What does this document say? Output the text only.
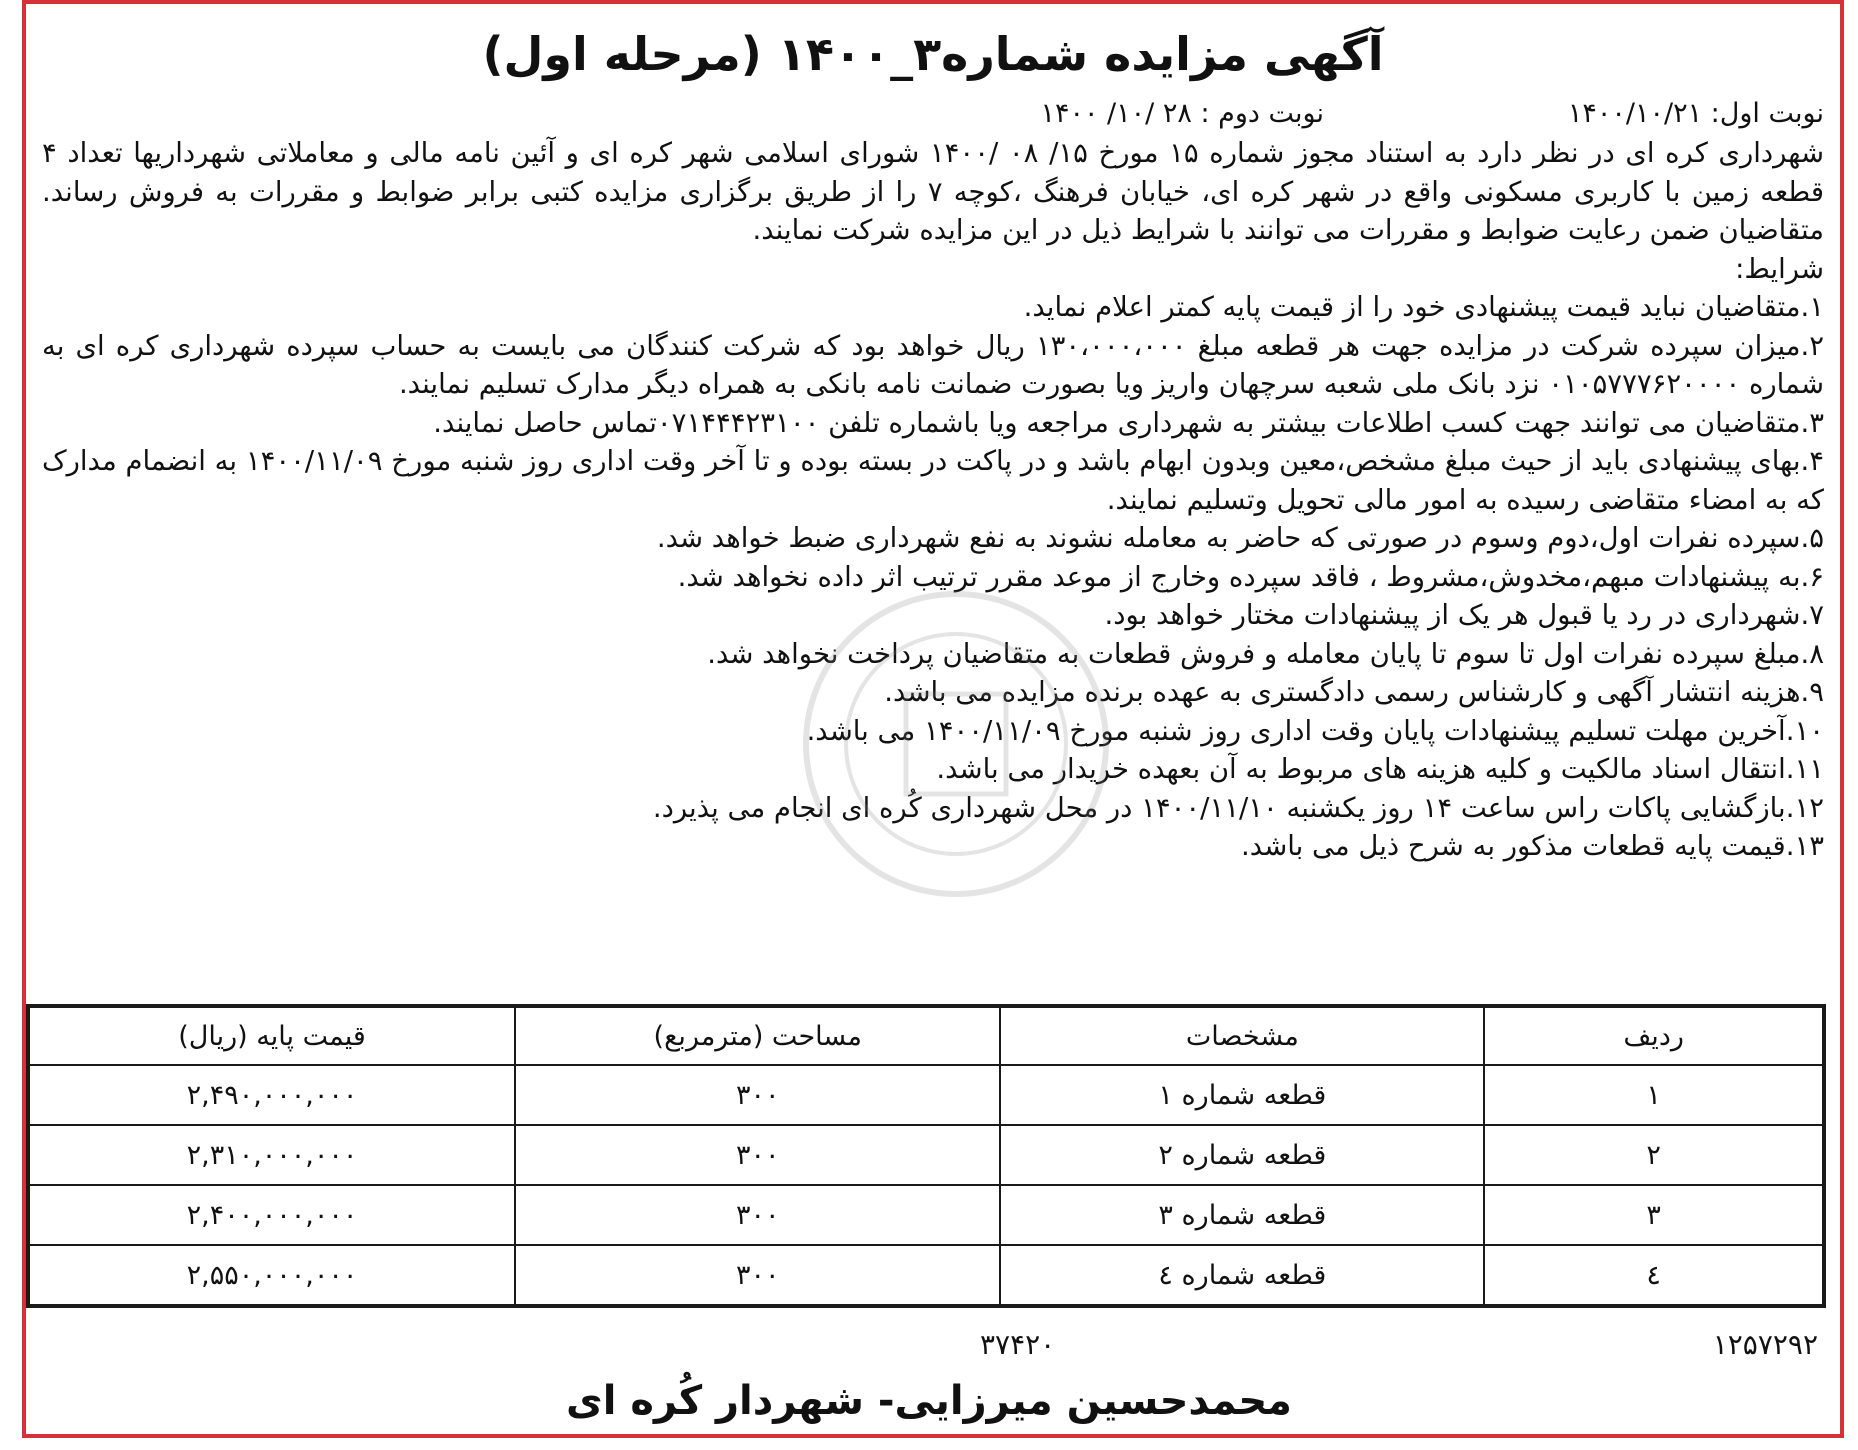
آگهی مزایده شماره۳_۱۴۰۰ (مرحله اول)
نوبت اول: ۱۴۰۰/۱۰/۲۱
نوبت دوم : ۲۸ /۱۰/ ۱۴۰۰

شهرداری کره ای در نظر دارد به استناد مجوز شماره ۱۵ مورخ ۱۵/ ۰۸ /۱۴۰۰ شورای اسلامی شهر کره ای و آئین نامه مالی و معاملاتی شهرداریها تعداد ۴ قطعه زمین با کاربری مسکونی واقع در شهر کره ای، خیابان فرهنگ ،کوچه ۷ را از طریق برگزاری مزایده کتبی برابر ضوابط و مقررات به فروش رساند. متقاضیان ضمن رعایت ضوابط و مقررات می توانند با شرایط ذیل در این مزایده شرکت نمایند.

شرایط:

۱.متقاضیان نباید قیمت پیشنهادی خود را از قیمت پایه کمتر اعلام نماید.
۲.میزان سپرده شرکت در مزایده جهت هر قطعه مبلغ ۱۳۰،۰۰۰،۰۰۰ ریال خواهد بود که شرکت کنندگان می بایست به حساب سپرده شهرداری کره ای به شماره ۰۱۰۵۷۷۷۶۲۰۰۰۰ نزد بانک ملی شعبه سرچهان واریز ویا بصورت ضمانت نامه بانکی به همراه دیگر مدارک تسلیم نمایند.
۳.متقاضیان می توانند جهت کسب اطلاعات بیشتر به شهرداری مراجعه ویا باشماره تلفن ۰۷۱۴۴۴۲۳۱۰۰تماس حاصل نمایند.
۴.بهای پیشنهادی باید از حیث مبلغ مشخص،معین وبدون ابهام باشد و در پاکت در بسته بوده و تا آخر وقت اداری روز شنبه مورخ ۱۴۰۰/۱۱/۰۹ به انضمام مدارک که به امضاء متقاضی رسیده به امور مالی تحویل وتسلیم نمایند.
۵.سپرده نفرات اول،دوم وسوم در صورتی که حاضر به معامله نشوند به نفع شهرداری ضبط خواهد شد.
۶.به پیشنهادات مبهم،مخدوش،مشروط ، فاقد سپرده وخارج از موعد مقرر ترتیب اثر داده نخواهد شد.
۷.شهرداری در رد یا قبول هر یک از پیشنهادات مختار خواهد بود.
۸.مبلغ سپرده نفرات اول تا سوم تا پایان معامله و فروش قطعات به متقاضیان پرداخت نخواهد شد.
۹.هزینه انتشار آگهی و کارشناس رسمی دادگستری به عهده برنده مزایده می باشد.
۱۰.آخرین مهلت تسلیم پیشنهادات پایان وقت اداری روز شنبه مورخ ۱۴۰۰/۱۱/۰۹ می باشد.
۱۱.انتقال اسناد مالکیت و کلیه هزینه های مربوط به آن بعهده خریدار می باشد.
۱۲.بازگشایی پاکات راس ساعت ۱۴ روز یکشنبه ۱۴۰۰/۱۱/۱۰ در محل شهرداری کُره ای انجام می پذیرد.
۱۳.قیمت پایه قطعات مذکور به شرح ذیل می باشد.
ردیف	مشخصات	مساحت (مترمربع)	قیمت پایه (ریال)
۱	قطعه شماره ۱	۳۰۰	۲,۴۹۰,۰۰۰,۰۰۰
۲	قطعه شماره ۲	۳۰۰	۲,۳۱۰,۰۰۰,۰۰۰
۳	قطعه شماره ۳	۳۰۰	۲,۴۰۰,۰۰۰,۰۰۰
٤	قطعه شماره ٤	۳۰۰	۲,۵۵۰,۰۰۰,۰۰۰
۱۲۵۷۲۹۲
۳۷۴۲۰
محمدحسین میرزایی- شهردار کُره ای
